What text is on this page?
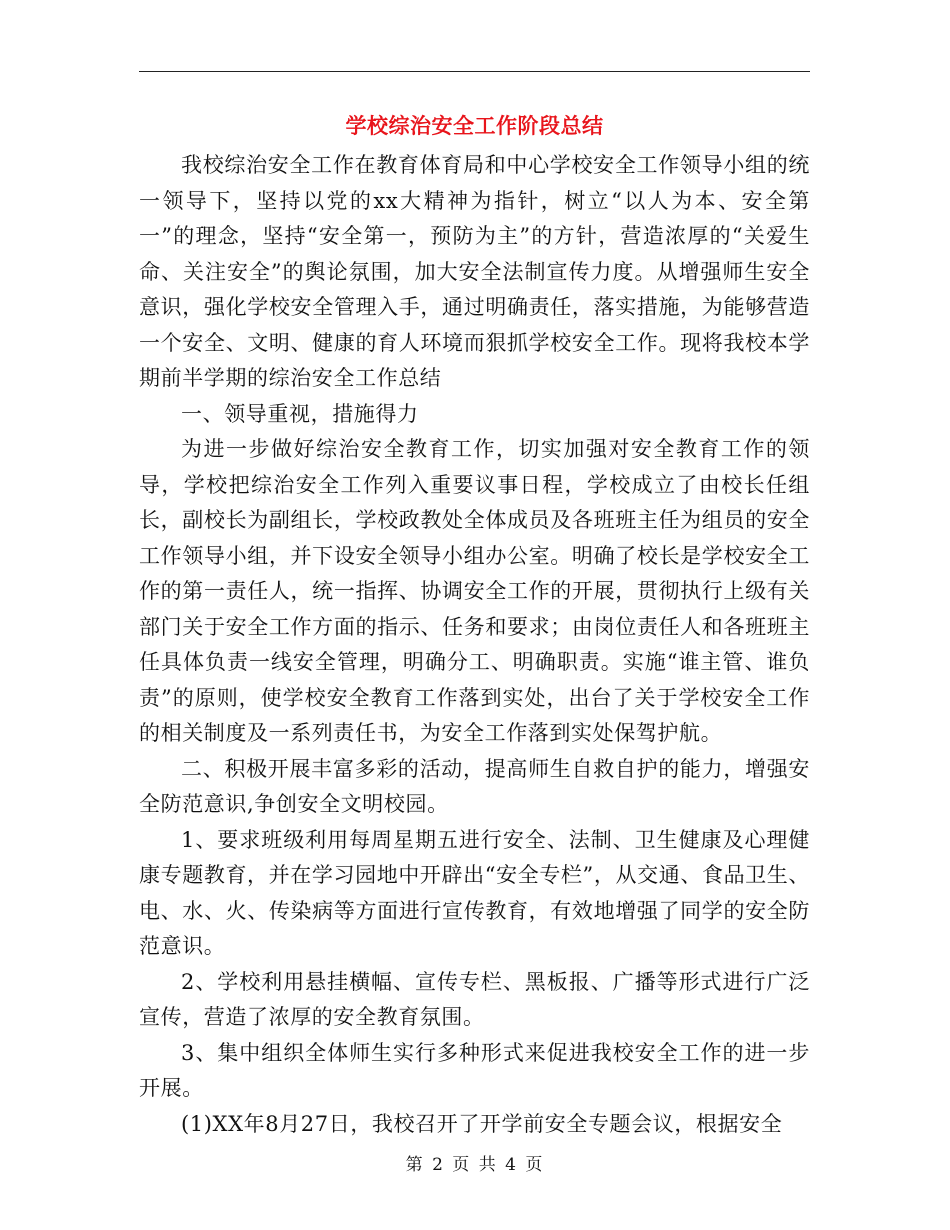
学校综治安全工作阶段总结

我校综治安全工作在教育体育局和中心学校安全工作领导小组的统一领导下，坚持以党的xx大精神为指针，树立“以人为本、安全第一”的理念，坚持“安全第一，预防为主”的方针，营造浓厚的“关爱生命、关注安全”的舆论氛围，加大安全法制宣传力度。从增强师生安全意识，强化学校安全管理入手，通过明确责任，落实措施，为能够营造一个安全、文明、健康的育人环境而狠抓学校安全工作。现将我校本学期前半学期的综治安全工作总结

一、领导重视，措施得力

为进一步做好综治安全教育工作，切实加强对安全教育工作的领导，学校把综治安全工作列入重要议事日程，学校成立了由校长任组长，副校长为副组长，学校政教处全体成员及各班班主任为组员的安全工作领导小组，并下设安全领导小组办公室。明确了校长是学校安全工作的第一责任人，统一指挥、协调安全工作的开展，贯彻执行上级有关部门关于安全工作方面的指示、任务和要求；由岗位责任人和各班班主任具体负责一线安全管理，明确分工、明确职责。实施“谁主管、谁负责”的原则，使学校安全教育工作落到实处，出台了关于学校安全工作的相关制度及一系列责任书，为安全工作落到实处保驾护航。

二、积极开展丰富多彩的活动，提高师生自救自护的能力，增强安全防范意识,争创安全文明校园。

1、要求班级利用每周星期五进行安全、法制、卫生健康及心理健康专题教育，并在学习园地中开辟出“安全专栏”，从交通、食品卫生、电、水、火、传染病等方面进行宣传教育，有效地增强了同学的安全防范意识。

2、学校利用悬挂横幅、宣传专栏、黑板报、广播等形式进行广泛宣传，营造了浓厚的安全教育氛围。

3、集中组织全体师生实行多种形式来促进我校安全工作的进一步开展。

(1)XX年8月27日，我校召开了开学前安全专题会议，根据安全

第 2 页 共 4 页
